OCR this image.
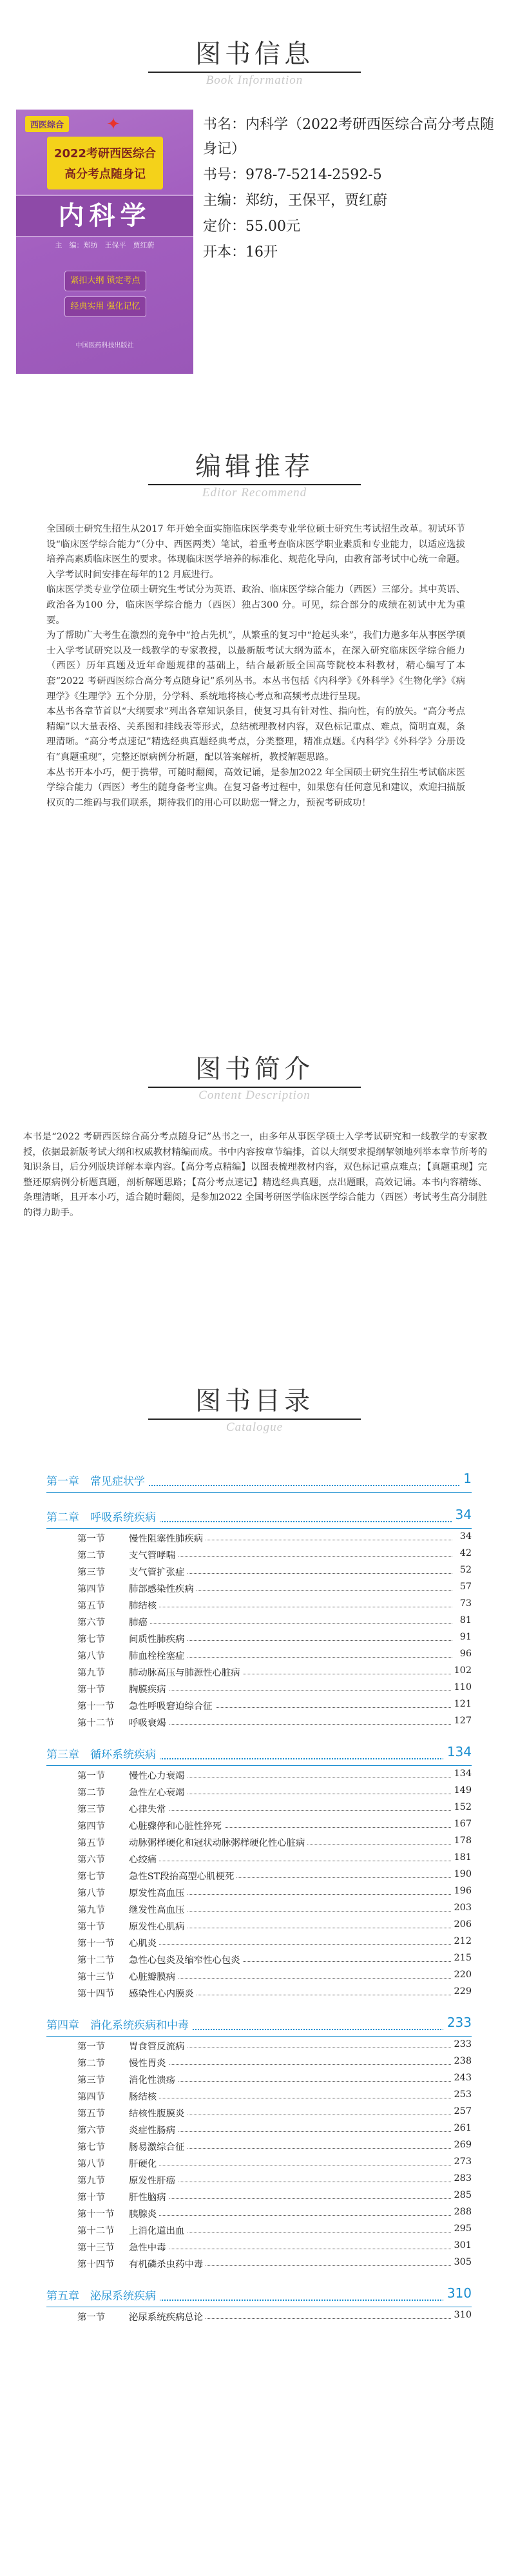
图书信息
Book Information
西医综合	✦
2022考研西医综合
高分考点随身记
内科学
主　编：郑纺　王保平　贾红蔚
紧扣大纲 锁定考点
经典实用 强化记忆
中国医药科技出版社
书名：内科学（2022考研西医综合高分考点随身记）
书号：978-7-5214-2592-5
主编：郑纺，王保平，贾红蔚
定价：55.00元
开本：16开
编辑推荐
Editor Recommend

全国硕士研究生招生从2017 年开始全面实施临床医学类专业学位硕士研究生考试招生改革。初试环节设“临床医学综合能力”（分中、西医两类）笔试，着重考查临床医学职业素质和专业能力，以适应选拔培养高素质临床医生的要求。体现临床医学培养的标准化、规范化导向，由教育部考试中心统一命题。入学考试时间安排在每年的12 月底进行。

临床医学类专业学位硕士研究生考试分为英语、政治、临床医学综合能力（西医）三部分。其中英语、政治各为100 分，临床医学综合能力（西医）独占300 分。可见，综合部分的成绩在初试中尤为重要。

为了帮助广大考生在激烈的竞争中“抢占先机”，从繁重的复习中“抢起头来”，我们力邀多年从事医学硕士入学考试研究以及一线教学的专家教授，以最新版考试大纲为蓝本，在深入研究临床医学综合能力（西医）历年真题及近年命题规律的基础上，结合最新版全国高等院校本科教材，精心编写了本套“2022 考研西医综合高分考点随身记”系列丛书。本丛书包括《内科学》《外科学》《生物化学》《病理学》《生理学》五个分册，分学科、系统地将核心考点和高频考点进行呈现。

本丛书各章节首以“大纲要求”列出各章知识条目，使复习具有针对性、指向性，有的放矢。“高分考点精编”以大量表格、关系图和挂线表等形式，总结梳理教材内容，双色标记重点、难点，简明直观，条理清晰。“高分考点速记”精选经典真题经典考点，分类整理，精准点题。《内科学》《外科学》分册设有“真题重现”，完整还原病例分析题，配以答案解析，教授解题思路。

本丛书开本小巧，便于携带，可随时翻阅，高效记诵，是参加2022 年全国硕士研究生招生考试临床医学综合能力（西医）考生的随身备考宝典。在复习备考过程中，如果您有任何意见和建议，欢迎扫描版权页的二维码与我们联系，期待我们的用心可以助您一臂之力，预祝考研成功！

图书简介
Content Description

本书是“2022 考研西医综合高分考点随身记”丛书之一，由多年从事医学硕士入学考试研究和一线教学的专家教授，依据最新版考试大纲和权威教材精编而成。书中内容按章节编排，首以大纲要求提纲挈领地列举本章节所考的知识条目，后分列版块详解本章内容。【高分考点精编】以图表梳理教材内容，双色标记重点难点；【真题重现】完整还原病例分析题真题，剖析解题思路；【高分考点速记】精选经典真题，点出题眼，高效记诵。本书内容精练、条理清晰，且开本小巧，适合随时翻阅，是参加2022 全国考研医学临床医学综合能力（西医）考试考生高分制胜的得力助手。

图书目录
Catalogue
第一章　常见症状学	1
第二章　呼吸系统疾病	34
第一节	慢性阻塞性肺疾病	34
第二节	支气管哮喘	42
第三节	支气管扩张症	52
第四节	肺部感染性疾病	57
第五节	肺结核	73
第六节	肺癌	81
第七节	间质性肺疾病	91
第八节	肺血栓栓塞症	96
第九节	肺动脉高压与肺源性心脏病	102
第十节	胸膜疾病	110
第十一节 急性呼吸窘迫综合征	121
第十二节 呼吸衰竭	127
第三章　循环系统疾病	134
第一节	慢性心力衰竭	134
第二节	急性左心衰竭	149
第三节	心律失常	152
第四节	心脏骤停和心脏性猝死	167
第五节	动脉粥样硬化和冠状动脉粥样硬化性心脏病	178
第六节	心绞痛	181
第七节	急性ST段抬高型心肌梗死	190
第八节	原发性高血压	196
第九节	继发性高血压	203
第十节	原发性心肌病	206
第十一节 心肌炎	212
第十二节 急性心包炎及缩窄性心包炎	215
第十三节 心脏瓣膜病	220
第十四节 感染性心内膜炎	229
第四章　消化系统疾病和中毒	233
第一节	胃食管反流病	233
第二节	慢性胃炎	238
第三节	消化性溃疡	243
第四节	肠结核	253
第五节	结核性腹膜炎	257
第六节	炎症性肠病	261
第七节	肠易激综合征	269
第八节	肝硬化	273
第九节	原发性肝癌	283
第十节	肝性脑病	285
第十一节 胰腺炎	288
第十二节 上消化道出血	295
第十三节 急性中毒	301
第十四节 有机磷杀虫药中毒	305
第五章　泌尿系统疾病	310
第一节	泌尿系统疾病总论	310
